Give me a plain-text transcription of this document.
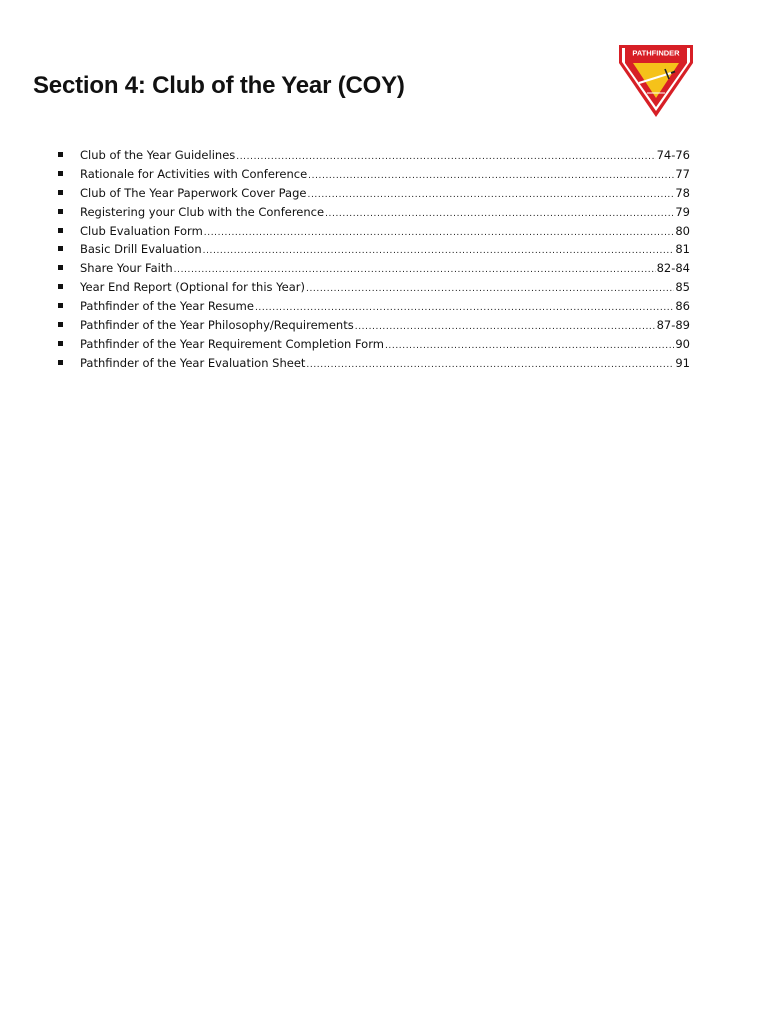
Section 4: Club of the Year (COY)
PATHFINDER
Club of the Year Guidelines .....	74-76
Rationale for Activities with Conference .....	77
Club of The Year Paperwork Cover Page .....	78
Registering your Club with the Conference .....	79
Club Evaluation Form .....	80
Basic Drill Evaluation .....	81
Share Your Faith .....	82-84
Year End Report (Optional for this Year) .....	85
Pathfinder of the Year Resume .....	86
Pathfinder of the Year Philosophy/Requirements .....	87-89
Pathfinder of the Year Requirement Completion Form .....	90
Pathfinder of the Year Evaluation Sheet .....	91
